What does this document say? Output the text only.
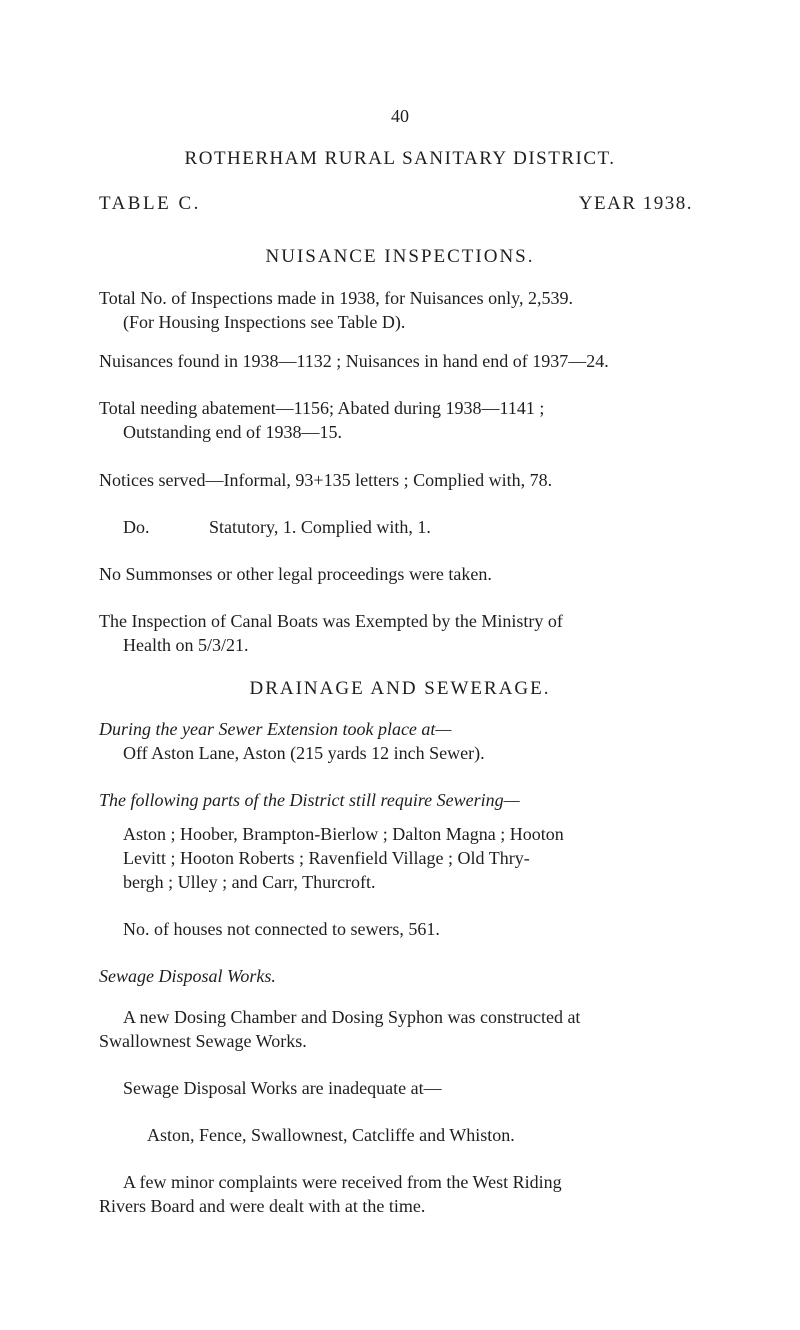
40
ROTHERHAM RURAL SANITARY DISTRICT.
TABLE C.	YEAR 1938.
NUISANCE INSPECTIONS.
Total No. of Inspections made in 1938, for Nuisances only, 2,539.
(For Housing Inspections see Table D).
Nuisances found in 1938—1132 ; Nuisances in hand end of 1937—24.
Total needing abatement—1156; Abated during 1938—1141 ;
Outstanding end of 1938—15.
Notices served—Informal, 93+135 letters ; Complied with, 78.
Do.	Statutory, 1. Complied with, 1.
No Summonses or other legal proceedings were taken.
The Inspection of Canal Boats was Exempted by the Ministry of
Health on 5/3/21.
DRAINAGE AND SEWERAGE.
During the year Sewer Extension took place at—
Off Aston Lane, Aston (215 yards 12 inch Sewer).
The following parts of the District still require Sewering—
Aston ; Hoober, Brampton-Bierlow ; Dalton Magna ; Hooton
Levitt ; Hooton Roberts ; Ravenfield Village ; Old Thry-
bergh ; Ulley ; and Carr, Thurcroft.
No. of houses not connected to sewers, 561.
Sewage Disposal Works.
A new Dosing Chamber and Dosing Syphon was constructed at
Swallownest Sewage Works.
Sewage Disposal Works are inadequate at—
Aston, Fence, Swallownest, Catcliffe and Whiston.
A few minor complaints were received from the West Riding
Rivers Board and were dealt with at the time.
